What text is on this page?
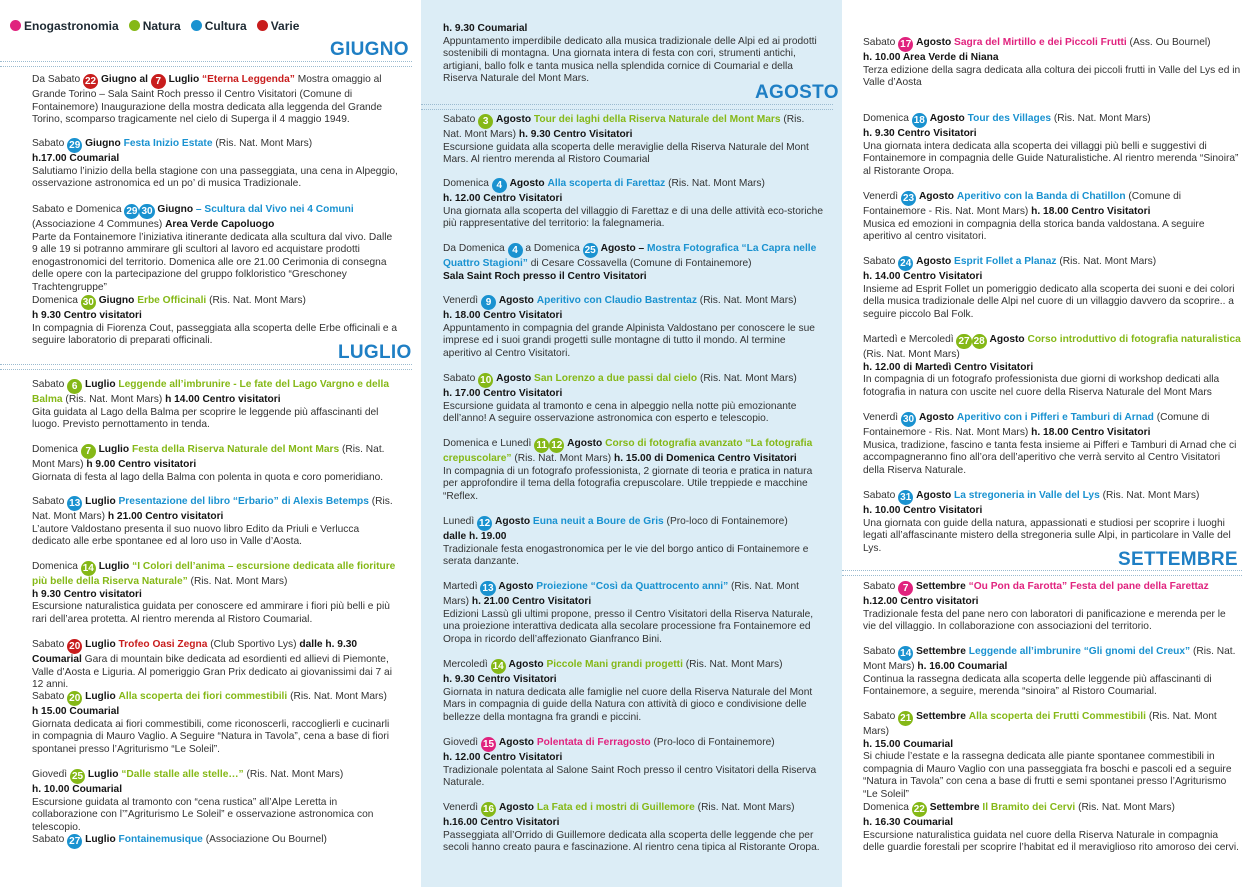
Enogastronomia Natura Cultura Varie
GIUGNO

Da Sabato 22 Giugno al 7 Luglio “Eterna Leggenda” Mostra omaggio al Grande Torino – Sala Saint Roch presso il Centro Visitatori (Comune di Fontainemore) Inaugurazione della mostra dedicata alla leggenda del Grande Torino, scomparso tragicamente nel cielo di Superga il 4 maggio 1949.

Sabato 29 Giugno Festa Inizio Estate (Ris. Nat. Mont Mars)

h.17.00 Coumarial

Salutiamo l’inizio della bella stagione con una passeggiata, una cena in Alpeggio, osservazione astronomica ed un po’ di musica Tradizionale.

Sabato e Domenica 29 30 Giugno – Scultura dal Vivo nei 4 Comuni

(Associazione 4 Communes) Area Verde Capoluogo

Parte da Fontainemore l’iniziativa itinerante dedicata alla scultura dal vivo. Dalle 9 alle 19 si potranno ammirare gli scultori al lavoro ed acquistare prodotti enogastronomici del territorio. Domenica alle ore 21.00 Cerimonia di consegna delle opere con la partecipazione del gruppo folkloristico “Greschoney Trachtengruppe”

Domenica 30 Giugno Erbe Officinali (Ris. Nat. Mont Mars)

h 9.30 Centro visitatori

In compagnia di Fiorenza Cout, passeggiata alla scoperta delle Erbe officinali e a seguire laboratorio di preparati officinali.

LUGLIO

Sabato 6 Luglio Leggende all’imbrunire - Le fate del Lago Vargno e della Balma (Ris. Nat. Mont Mars) h 14.00 Centro visitatori

Gita guidata al Lago della Balma per scoprire le leggende più affascinanti del luogo. Previsto pernottamento in tenda.

Domenica 7 Luglio Festa della Riserva Naturale del Mont Mars (Ris. Nat. Mont Mars) h 9.00 Centro visitatori

Giornata di festa al lago della Balma con polenta in quota e coro pomeridiano.

Sabato 13 Luglio Presentazione del libro “Erbario” di Alexis Betemps (Ris. Nat. Mont Mars) h 21.00 Centro visitatori

L’autore Valdostano presenta il suo nuovo libro Edito da Priuli e Verlucca dedicato alle erbe spontanee ed al loro uso in Valle d’Aosta.

Domenica 14 Luglio “I Colori dell’anima – escursione dedicata alle fioriture più belle della Riserva Naturale” (Ris. Nat. Mont Mars)

h 9.30 Centro visitatori

Escursione naturalistica guidata per conoscere ed ammirare i fiori più belli e più rari dell’area protetta. Al rientro merenda al Ristoro Coumarial.

Sabato 20 Luglio Trofeo Oasi Zegna (Club Sportivo Lys) dalle h. 9.30 Coumarial Gara di mountain bike dedicata ad esordienti ed allievi di Piemonte, Valle d’Aosta e Liguria. Al pomeriggio Gran Prix dedicato ai giovanissimi dai 7 ai 12 anni.

Sabato 20 Luglio Alla scoperta dei fiori commestibili (Ris. Nat. Mont Mars)

h 15.00 Coumarial

Giornata dedicata ai fiori commestibili, come riconoscerli, raccoglierli e cucinarli in compagnia di Mauro Vaglio. A Seguire “Natura in Tavola”, cena a base di fiori spontanei presso l’Agriturismo “Le Soleil”.

Giovedì 25 Luglio “Dalle stalle alle stelle…” (Ris. Nat. Mont Mars)

h. 10.00 Coumarial

Escursione guidata al tramonto con “cena rustica” all’Alpe Leretta in collaborazione con l’”Agriturismo Le Soleil” e osservazione astronomica con telescopio.

Sabato 27 Luglio Fontainemusique (Associazione Ou Bournel)

h. 9.30 Coumarial

Appuntamento imperdibile dedicato alla musica tradizionale delle Alpi ed ai prodotti sostenibili di montagna. Una giornata intera di festa con cori, strumenti antichi, artigiani, ballo folk e tanta musica nella splendida cornice di Coumarial e della Riserva Naturale del Mont Mars.

AGOSTO

Sabato 3 Agosto Tour dei laghi della Riserva Naturale del Mont Mars (Ris. Nat. Mont Mars) h. 9.30 Centro Visitatori

Escursione guidata alla scoperta delle meraviglie della Riserva Naturale del Mont Mars. Al rientro merenda al Ristoro Coumarial

Domenica 4 Agosto Alla scoperta di Farettaz (Ris. Nat. Mont Mars)

h. 12.00 Centro Visitatori

Una giornata alla scoperta del villaggio di Farettaz e di una delle attività eco-storiche più rappresentative del territorio: la falegnameria.

Da Domenica 4 a Domenica 25 Agosto – Mostra Fotografica “La Capra nelle Quattro Stagioni” di Cesare Cossavella (Comune di Fontainemore)

Sala Saint Roch presso il Centro Visitatori

Venerdì 9 Agosto Aperitivo con Claudio Bastrentaz (Ris. Nat. Mont Mars)

h. 18.00 Centro Visitatori

Appuntamento in compagnia del grande Alpinista Valdostano per conoscere le sue imprese ed i suoi grandi progetti sulle montagne di tutto il mondo. Al termine aperitivo al Centro Visitatori.

Sabato 10 Agosto San Lorenzo a due passi dal cielo (Ris. Nat. Mont Mars)

h. 17.00 Centro Visitatori

Escursione guidata al tramonto e cena in alpeggio nella notte più emozionante dell’anno! A seguire osservazione astronomica con esperto e telescopio.

Domenica e Lunedì 11 12 Agosto Corso di fotografia avanzato “La fotografia crepuscolare” (Ris. Nat. Mont Mars) h. 15.00 di Domenica Centro Visitatori

In compagnia di un fotografo professionista, 2 giornate di teoria e pratica in natura per approfondire il tema della fotografia crepuscolare. Utile treppiede e macchine “Reflex.

Lunedì 12 Agosto Euna neuit a Boure de Gris (Pro-loco di Fontainemore)

dalle h. 19.00

Tradizionale festa enogastronomica per le vie del borgo antico di Fontainemore e serata danzante.

Martedì 13 Agosto Proiezione “Così da Quattrocento anni” (Ris. Nat. Mont Mars) h. 21.00 Centro Visitatori

Edizioni Lassù gli ultimi propone, presso il Centro Visitatori della Riserva Naturale, una proiezione interattiva dedicata alla secolare processione fra Fontainemore ed Oropa in ricordo dell’affezionato Gianfranco Bini.

Mercoledì 14 Agosto Piccole Mani grandi progetti (Ris. Nat. Mont Mars)

h. 9.30 Centro Visitatori

Giornata in natura dedicata alle famiglie nel cuore della Riserva Naturale del Mont Mars in compagnia di guide della Natura con attività di gioco e condivisione delle bellezze della montagna fra grandi e piccini.

Giovedì 15 Agosto Polentata di Ferragosto (Pro-loco di Fontainemore)

h. 12.00 Centro Visitatori

Tradizionale polentata al Salone Saint Roch presso il centro Visitatori della Riserva Naturale.

Venerdì 16 Agosto La Fata ed i mostri di Guillemore (Ris. Nat. Mont Mars)

h.16.00 Centro Visitatori

Passeggiata all’Orrido di Guillemore dedicata alla scoperta delle leggende che per secoli hanno creato paura e fascinazione. Al rientro cena tipica al Ristorante Oropa.

Sabato 17 Agosto Sagra del Mirtillo e dei Piccoli Frutti (Ass. Ou Bournel)

h. 10.00 Area Verde di Niana

Terza edizione della sagra dedicata alla coltura dei piccoli frutti in Valle del Lys ed in Valle d’Aosta

Domenica 18 Agosto Tour des Villages (Ris. Nat. Mont Mars)

h. 9.30 Centro Visitatori

Una giornata intera dedicata alla scoperta dei villaggi più belli e suggestivi di Fontainemore in compagnia delle Guide Naturalistiche. Al rientro merenda “Sinoira” al Ristorante Oropa.

Venerdì 23 Agosto Aperitivo con la Banda di Chatillon (Comune di Fontainemore - Ris. Nat. Mont Mars) h. 18.00 Centro Visitatori

Musica ed emozioni in compagnia della storica banda valdostana. A seguire aperitivo al centro visitatori.

Sabato 24 Agosto Esprit Follet a Planaz (Ris. Nat. Mont Mars)

h. 14.00 Centro Visitatori

Insieme ad Esprit Follet un pomeriggio dedicato alla scoperta dei suoni e dei colori della musica tradizionale delle Alpi nel cuore di un villaggio davvero da scoprire.. a seguire piccolo Bal Folk.

Martedì e Mercoledì 27 28 Agosto Corso introduttivo di fotografia naturalistica (Ris. Nat. Mont Mars)

h. 12.00 di Martedì Centro Visitatori

In compagnia di un fotografo professionista due giorni di workshop dedicati alla fotografia in natura con uscite nel cuore della Riserva Naturale del Mont Mars

Venerdì 30 Agosto Aperitivo con i Pifferi e Tamburi di Arnad (Comune di Fontainemore - Ris. Nat. Mont Mars) h. 18.00 Centro Visitatori

Musica, tradizione, fascino e tanta festa insieme ai Pifferi e Tamburi di Arnad che ci accompagneranno fino all’ora dell’aperitivo che verrà servito al Centro Visitatori della Riserva Naturale.

Sabato 31 Agosto La stregoneria in Valle del Lys (Ris. Nat. Mont Mars)

h. 10.00 Centro Visitatori

Una giornata con guide della natura, appassionati e studiosi per scoprire i luoghi legati all’affascinante mistero della stregoneria sulle Alpi, in particolare in Valle del Lys.

SETTEMBRE

Sabato 7 Settembre “Ou Pon da Farotta” Festa del pane della Farettaz h.12.00 Centro visitatori

Tradizionale festa del pane nero con laboratori di panificazione e merenda per le vie del villaggio. In collaborazione con associazioni del territorio.

Sabato 14 Settembre Leggende all’imbrunire “Gli gnomi del Creux” (Ris. Nat. Mont Mars) h. 16.00 Coumarial

Continua la rassegna dedicata alla scoperta delle leggende più affascinanti di Fontainemore, a seguire, merenda “sinoira” al Ristoro Coumarial.

Sabato 21 Settembre Alla scoperta dei Frutti Commestibili (Ris. Nat. Mont Mars)

h. 15.00 Coumarial

Si chiude l’estate e la rassegna dedicata alle piante spontanee commestibili in compagnia di Mauro Vaglio con una passeggiata fra boschi e pascoli ed a seguire “Natura in Tavola” con cena a base di frutti e semi spontanei presso l’Agriturismo “Le Soleil”

Domenica 22 Settembre Il Bramito dei Cervi (Ris. Nat. Mont Mars)

h. 16.30 Coumarial

Escursione naturalistica guidata nel cuore della Riserva Naturale in compagnia delle guardie forestali per scoprire l’habitat ed il meraviglioso rito amoroso dei cervi.
